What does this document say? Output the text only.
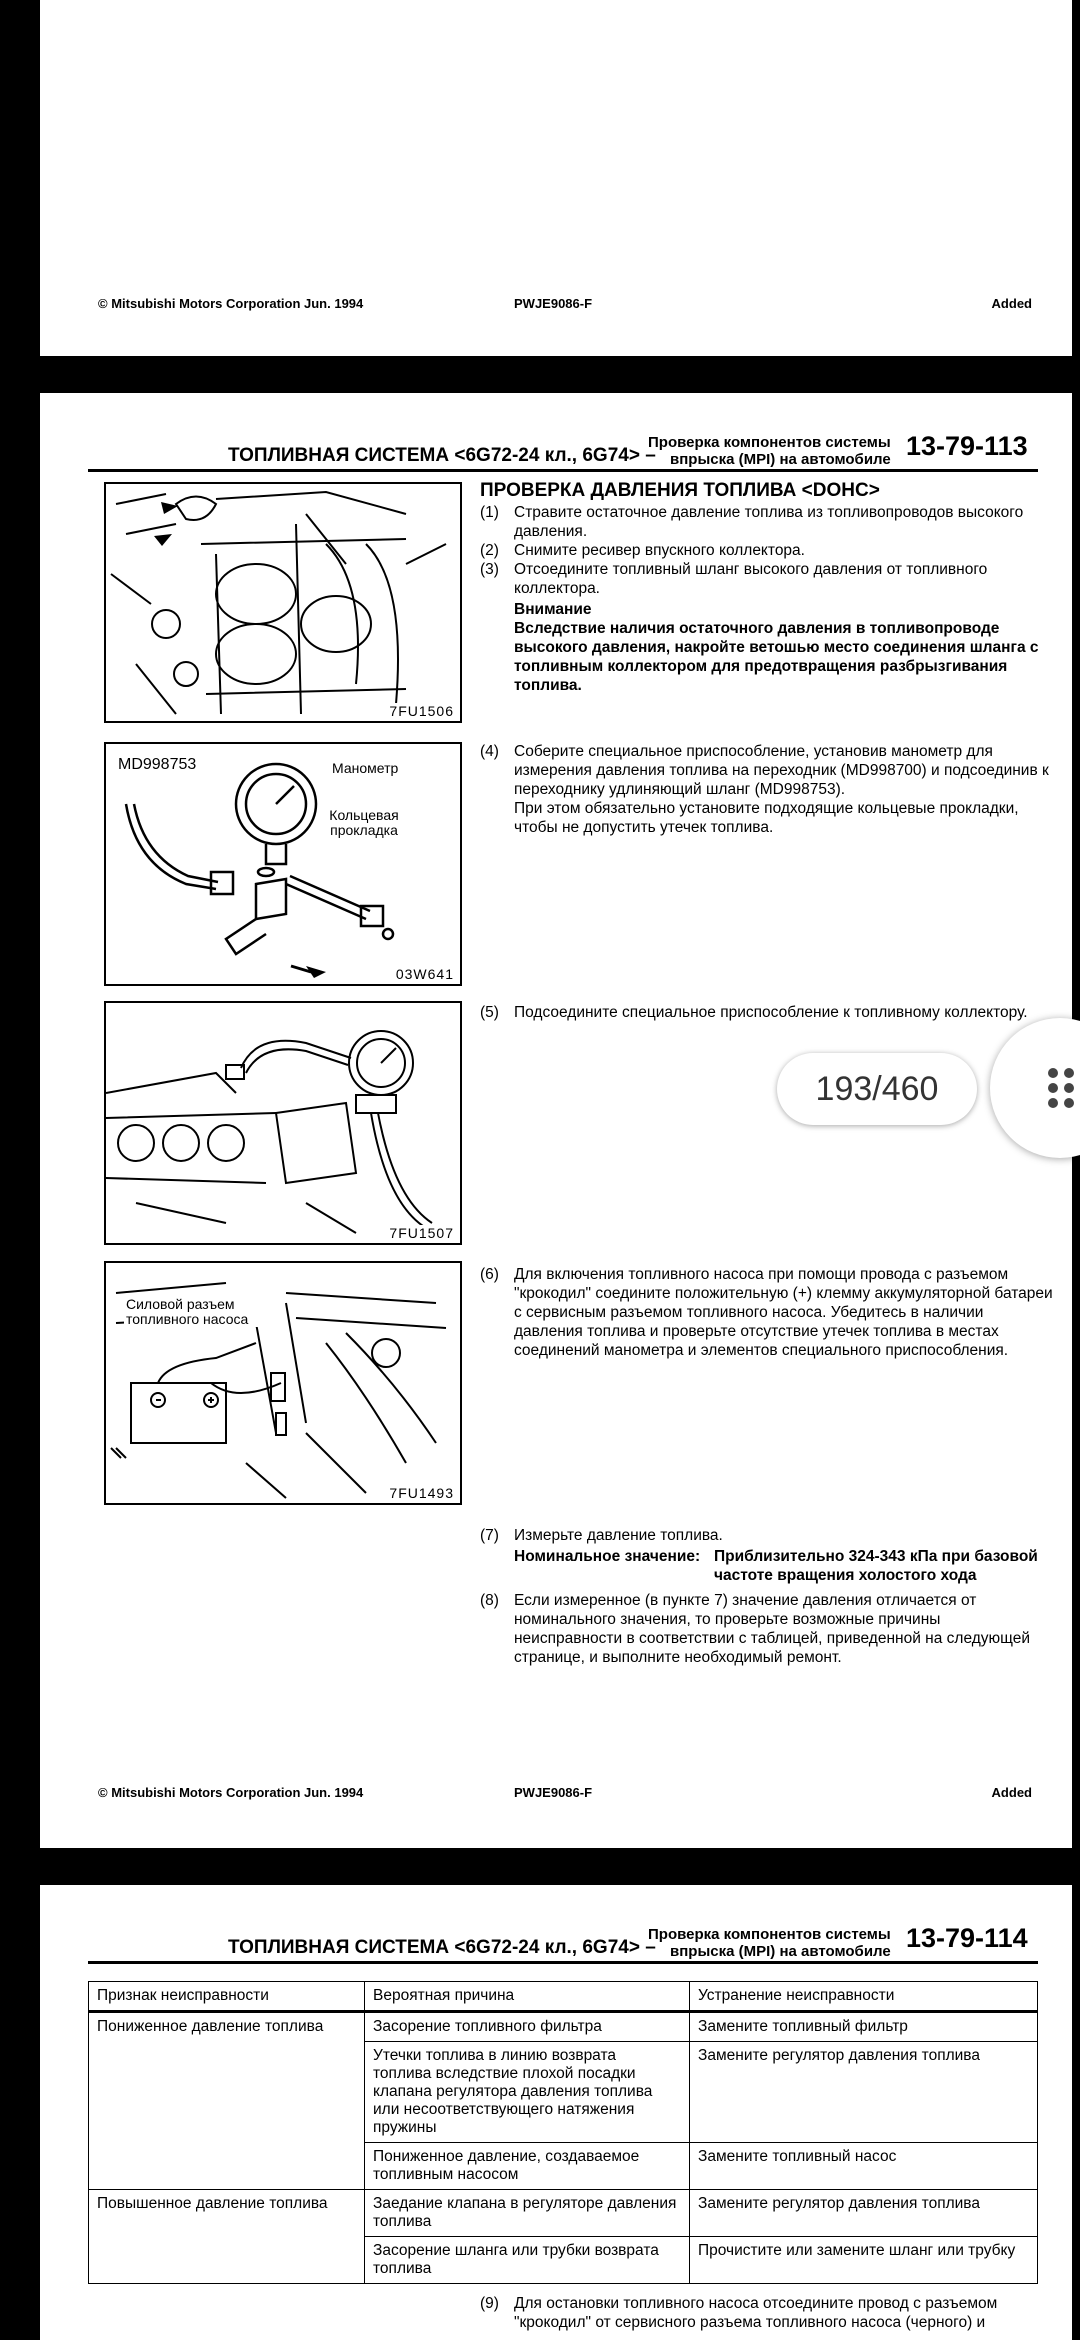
© Mitsubishi Motors Corporation Jun. 1994	PWJE9086-F	Added
ТОПЛИВНАЯ СИСТЕМА <6G72-24 кл., 6G74> –
Проверка компонентов системы
впрыска (MPI) на автомобиле 13-79-113
7FU1506
MD998753	Манометр
Кольцевая прокладка
03W641
7FU1507
Силовой разъем топливного насоса
7FU1493
ПРОВЕРКА ДАВЛЕНИЯ ТОПЛИВА <DOHC>
(1) Стравите остаточное давление топлива из топливопроводов высокого давления.
(2) Снимите ресивер впускного коллектора.
(3) Отсоедините топливный шланг высокого давления от топливного коллектора.
Внимание
Вследствие наличия остаточного давления в топливопроводе высокого давления, накройте ветошью место соединения шланга с топливным коллектором для предотвращения разбрызгивания топлива.
(4) Соберите специальное приспособление, установив манометр для измерения давления топлива на переходник (MD998700) и подсоединив к переходнику удлиняющий шланг (MD998753).
При этом обязательно установите подходящие кольцевые прокладки, чтобы не допустить утечек топлива.
(5) Подсоедините специальное приспособление к топливному коллектору.
(6) Для включения топливного насоса при помощи провода с разъемом "крокодил" соедините положительную (+) клемму аккумуляторной батареи с сервисным разъемом топливного насоса. Убедитесь в наличии давления топлива и проверьте отсутствие утечек топлива в местах соединений манометра и элементов специального приспособления.
(7) Измерьте давление топлива.
Номинальное значение: Приблизительно 324-343 кПа при базовой частоте вращения холостого хода
(8) Если измеренное (в пункте 7) значение давления отличается от номинального значения, то проверьте возможные причины неисправности в соответствии с таблицей, приведенной на следующей странице, и выполните необходимый ремонт.
© Mitsubishi Motors Corporation Jun. 1994	PWJE9086-F	Added
ТОПЛИВНАЯ СИСТЕМА <6G72-24 кл., 6G74> –
Проверка компонентов системы
впрыска (MPI) на автомобиле 13-79-114
Признак неисправности	Вероятная причина	Устранение неисправности
Пониженное давление топлива	Засорение топливного фильтра	Замените топливный фильтр
	Утечки топлива в линию возврата топлива вследствие плохой посадки клапана регулятора давления топлива или несоответствующего натяжения пружины	Замените регулятор давления топлива
	Пониженное давление, создаваемое топливным насосом	Замените топливный насос
Повышенное давление топлива	Заедание клапана в регуляторе давления топлива	Замените регулятор давления топлива
	Засорение шланга или трубки возврата топлива	Прочистите или замените шланг или трубку
(9) Для остановки топливного насоса отсоедините провод с разъемом "крокодил" от сервисного разъема топливного насоса (черного) и
193/460
